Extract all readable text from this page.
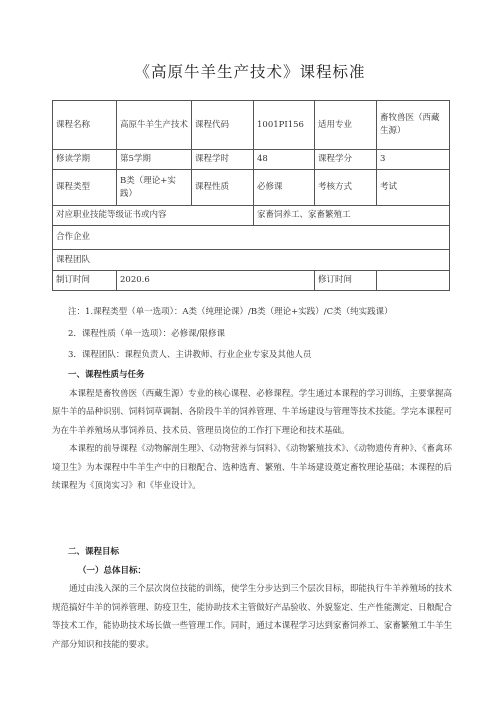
《高原牛羊生产技术》课程标准
课程名称	高原牛羊生产技术	课程代码	1001PI156	适用专业	畜牧兽医（西藏生源）
修读学期	第5学期	课程学时	48	课程学分	3
课程类型	B类（理论+实践）	课程性质	必修课	考核方式	考试
对应职业技能等级证书或内容			家畜饲养工、家畜繁殖工		
合作企业					
课程团队					
制订时间	2020.6			修订时间	
注：1.课程类型（单一选项）：A类（纯理论课）/B类（理论+实践）/C类（纯实践课）
2．课程性质（单一选项）：必修课/限修课
3．课程团队：课程负责人、主讲教师、行业企业专家及其他人员
一、课程性质与任务
本课程是畜牧兽医（西藏生源）专业的核心课程、必修课程。学生通过本课程的学习训练，主要掌握高原牛羊的品种识别、饲料饲草调制、各阶段牛羊的饲养管理、牛羊场建设与管理等技术技能。学完本课程可为在牛羊养殖场从事饲养员、技术员、管理员岗位的工作打下理论和技术基础。
本课程的前导课程《动物解剖生理》、《动物营养与饲料》、《动物繁殖技术》、《动物遗传育种》、《畜禽环境卫生》为本课程中牛羊生产中的日粮配合、选种选育、繁殖、牛羊场建设奠定畜牧理论基础；本课程的后续课程为《顶岗实习》和《毕业设计》。
二、课程目标
（一）总体目标：
通过由浅入深的三个层次岗位技能的训练，使学生分步达到三个层次目标，即能执行牛羊养殖场的技术规范搞好牛羊的饲养管理、防疫卫生，能协助技术主管做好产品验收、外貌鉴定、生产性能测定、日粮配合等技术工作，能协助技术场长做一些管理工作。同时，通过本课程学习达到家畜饲养工、家畜繁殖工牛羊生产部分知识和技能的要求。
